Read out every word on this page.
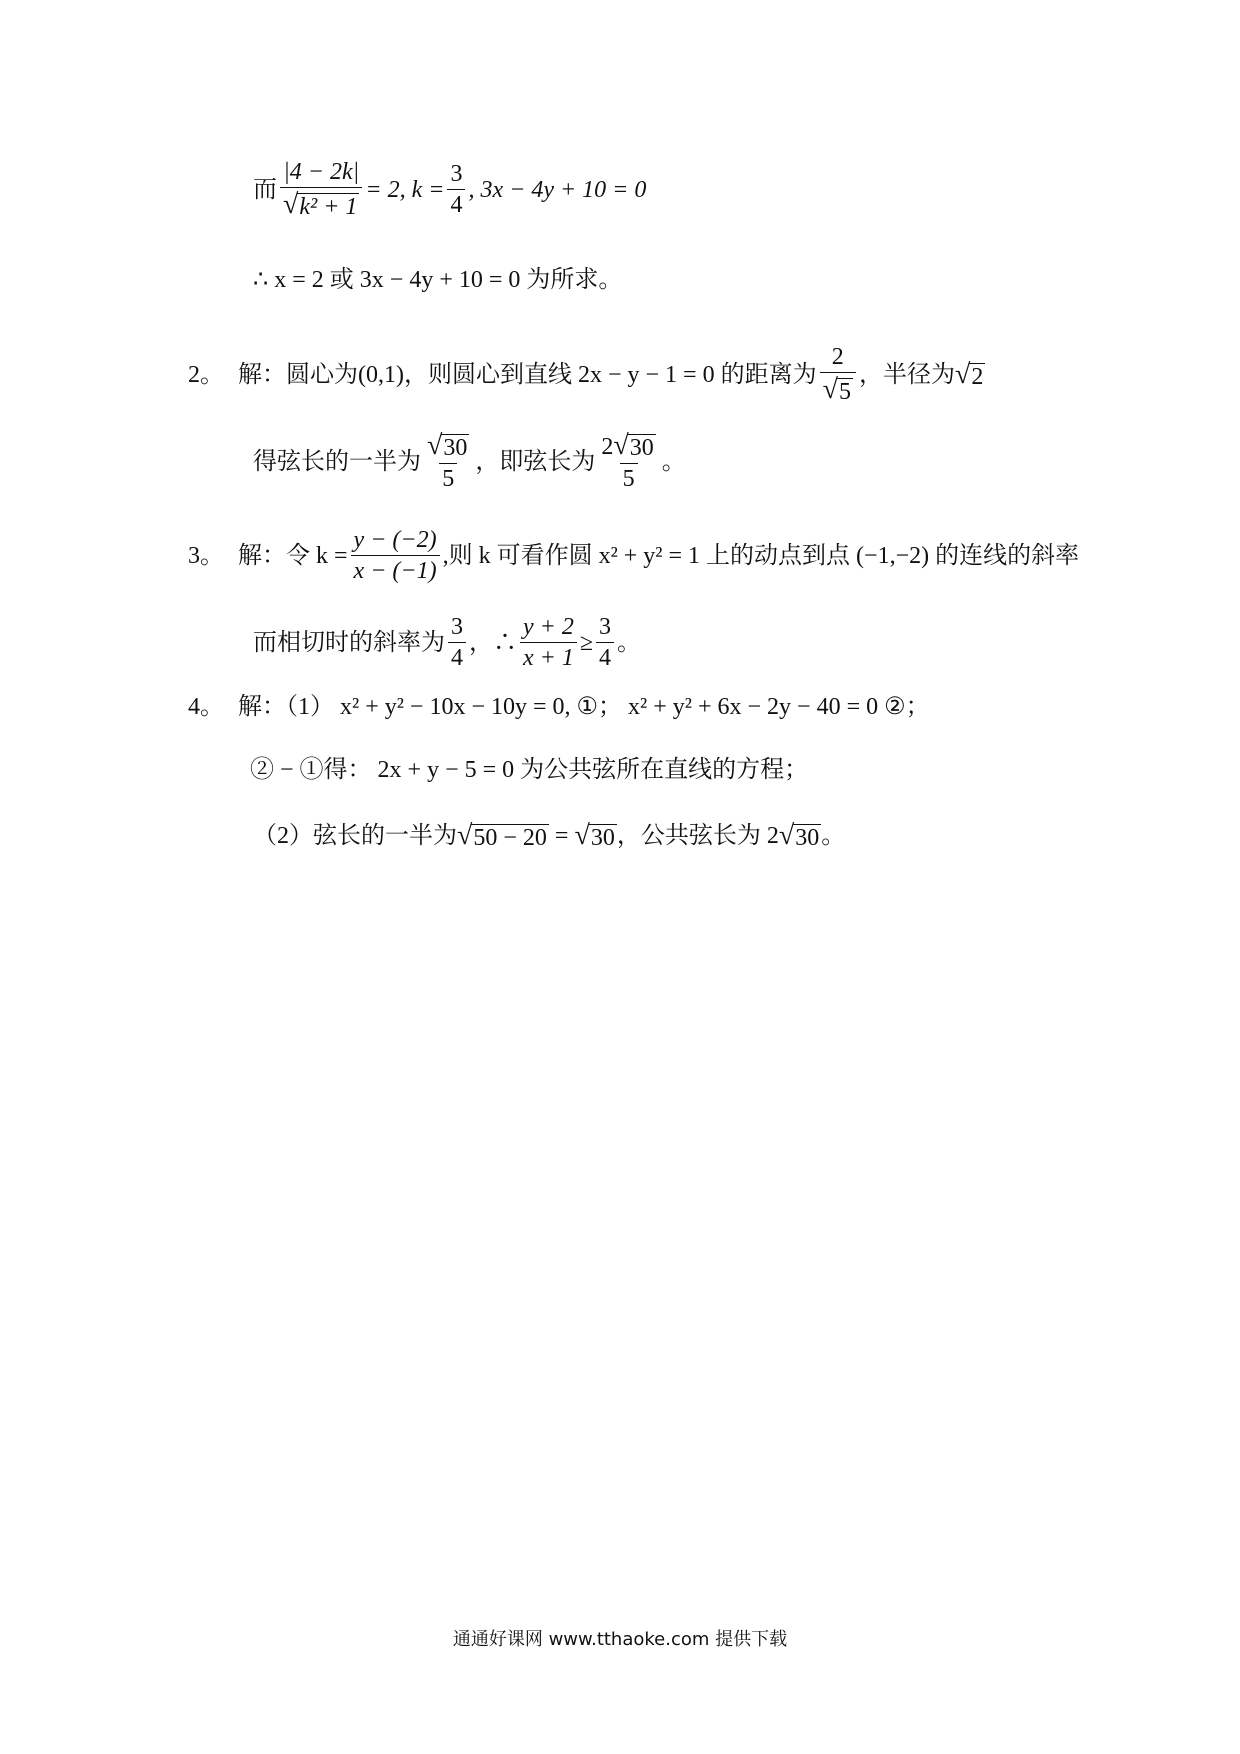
而 $\frac{|4 - 2k|}{\text{√ k² + 1}} = 2$, $k = \frac{3}{4}$ , 3x − 4y + 10 = 0
∴ x = 2 或 3x − 4y + 10 = 0 为所求。
2。 解：圆心为(0,1)，则圆心到直线 2x − y − 1 = 0 的距离为 $\frac{2}{√ 5}$ ，半径为 √ 2
得弦长的一半为 $\frac{√ 30}{5}$ ，即弦长为 $\frac{2 √ 30}{5}$ 。
3。 解：令 $k = \frac{y - (-2)}{x - (-1)}$ ,则 k 可看作圆 x² + y² = 1 上的动点到点 (−1,−2) 的连线的斜率
而相切时的斜率为 $\frac{3}{4}$ ，∴ $\frac{y + 2}{x + 1} \ge \frac{3}{4}$ 。
4。 解：（1） x² + y² − 10x − 10y = 0, ①； x² + y² + 6x − 2y − 40 = 0 ②；
② − ①得： 2x + y − 5 = 0 为公共弦所在直线的方程；
（2）弦长的一半为 √ 50 − 20 = √ 30 ，公共弦长为 2 √ 30 。
通通好课网 www.tthaoke.com 提供下载
